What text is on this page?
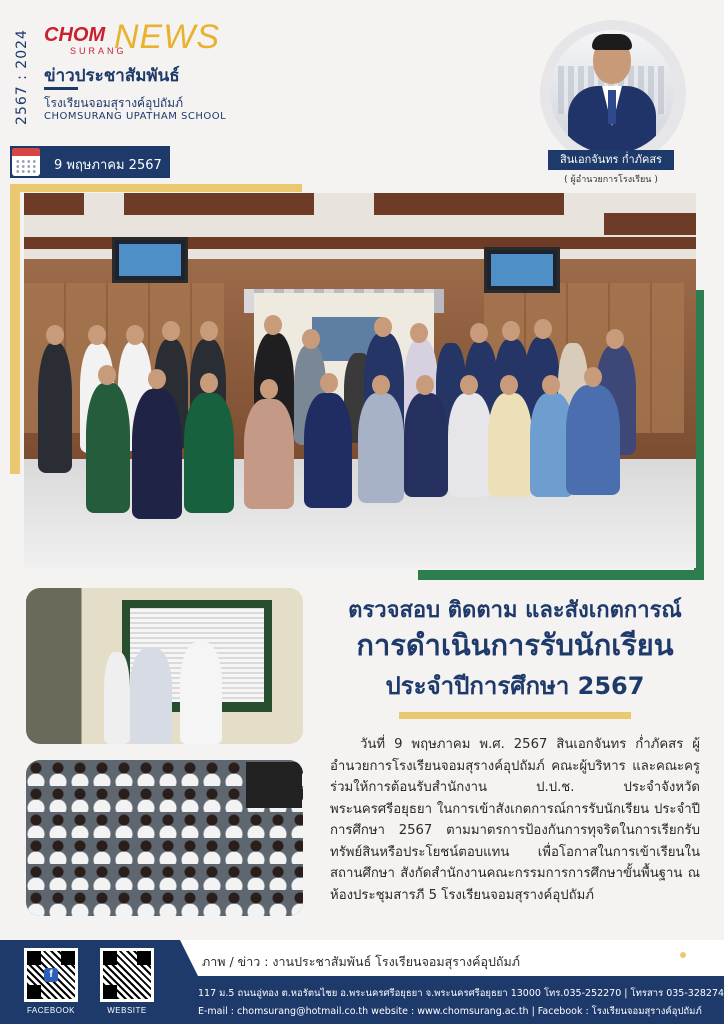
2567 : 2024 CHOM
SURANG
NEWS
ข่าวประชาสัมพันธ์
โรงเรียนจอมสุรางค์อุปถัมภ์
CHOMSURANG UPATHAM SCHOOL
9 พฤษภาคม 2567	สินเอกจันทร ก่ำภัคสร
( ผู้อำนวยการโรงเรียน )
ตรวจสอบ ติดตาม และสังเกตการณ์
การดำเนินการรับนักเรียน
ประจำปีการศึกษา 2567

วันที่ 9 พฤษภาคม พ.ศ. 2567 สินเอกจันทร ก่ำภัคสร ผู้อำนวยการโรงเรียนจอมสุรางค์อุปถัมภ์ คณะผู้บริหาร และคณะครู ร่วมให้การต้อนรับสำนักงาน ป.ป.ช. ประจำจังหวัดพระนครศรีอยุธยา ในการเข้าสังเกตการณ์การรับนักเรียน ประจำปีการศึกษา 2567 ตามมาตรการป้องกันการทุจริตในการเรียกรับทรัพย์สินหรือประโยชน์ตอบแทน เพื่อโอกาสในการเข้าเรียนในสถานศึกษา สังกัดสำนักงานคณะกรรมการการศึกษาขั้นพื้นฐาน ณ ห้องประชุมสารภี 5 โรงเรียนจอมสุรางค์อุปถัมภ์

ภาพ / ข่าว : งานประชาสัมพันธ์ โรงเรียนจอมสุรางค์อุปถัมภ์
f
FACEBOOK	WEBSITE
117 ม.5 ถนนอู่ทอง ต.หอรัตนไชย อ.พระนครศรีอยุธยา จ.พระนครศรีอยุธยา 13000 โทร.035-252270 | โทรสาร 035-328274
E-mail : chomsurang@hotmail.co.th website : www.chomsurang.ac.th | Facebook : โรงเรียนจอมสุรางค์อุปถัมภ์
